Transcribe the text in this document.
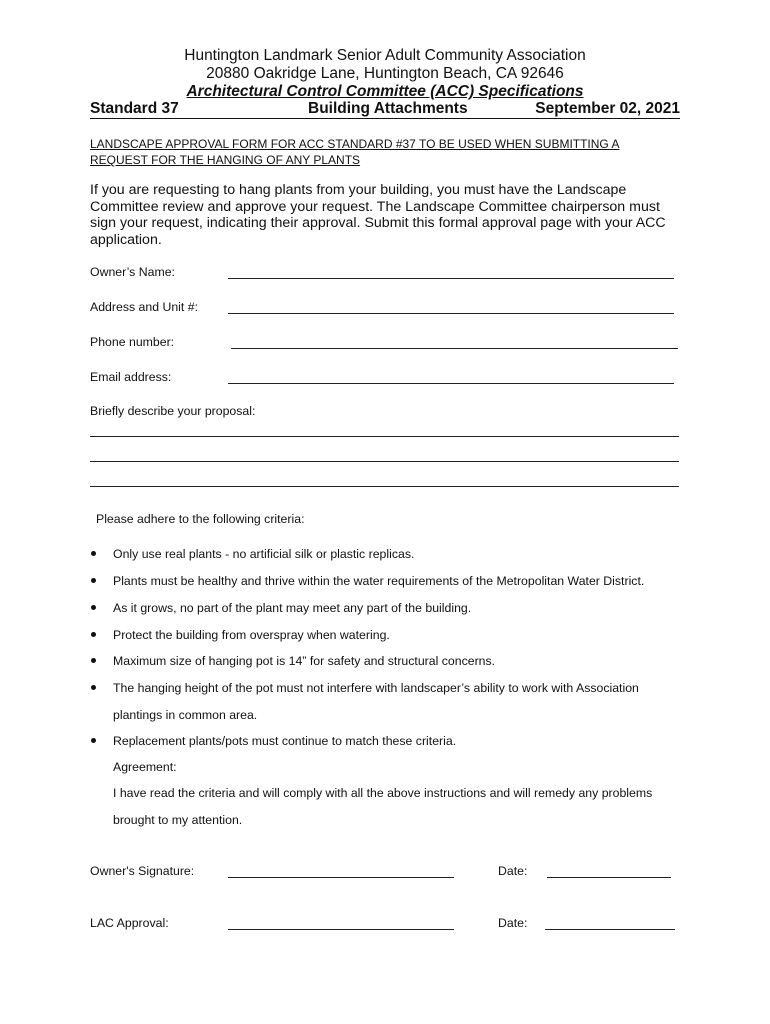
Huntington Landmark Senior Adult Community Association
20880 Oakridge Lane, Huntington Beach, CA 92646
Architectural Control Committee (ACC) Specifications
Standard 37	Building Attachments	September 02, 2021
LANDSCAPE APPROVAL FORM FOR ACC STANDARD #37 TO BE USED WHEN SUBMITTING A
REQUEST FOR THE HANGING OF ANY PLANTS
If you are requesting to hang plants from your building, you must have the Landscape Committee review and approve your request. The Landscape Committee chairperson must sign your request, indicating their approval. Submit this formal approval page with your ACC application.
Owner’s Name:
Address and Unit #:
Phone number:
Email address:
Briefly describe your proposal:
Please adhere to the following criteria:
Only use real plants - no artificial silk or plastic replicas.
Plants must be healthy and thrive within the water requirements of the Metropolitan Water District.
As it grows, no part of the plant may meet any part of the building.
Protect the building from overspray when watering.
Maximum size of hanging pot is 14” for safety and structural concerns.
The hanging height of the pot must not interfere with landscaper’s ability to work with Association
plantings in common area.
Replacement plants/pots must continue to match these criteria.
Agreement:
I have read the criteria and will comply with all the above instructions and will remedy any problems
brought to my attention.
Owner's Signature:	Date:
LAC Approval:	Date:
